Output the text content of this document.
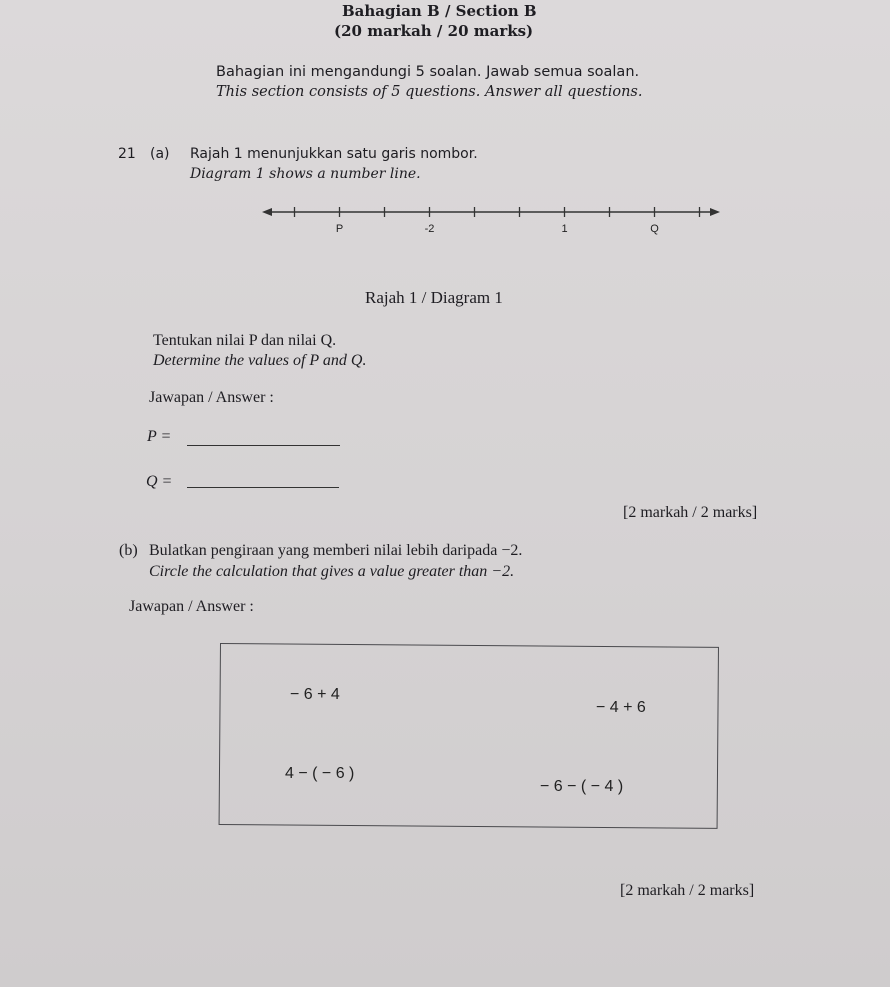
Bahagian B / Section B
(20 markah / 20 marks)
Bahagian ini mengandungi 5 soalan. Jawab semua soalan.
This section consists of 5 questions. Answer all questions.
21 (a) Rajah 1 menunjukkan satu garis nombor.
Diagram 1 shows a number line.
P	-2	1	Q
Rajah 1 / Diagram 1
Tentukan nilai P dan nilai Q.
Determine the values of P and Q.
Jawapan / Answer :
P =
Q =
[2 markah / 2 marks]
(b) Bulatkan pengiraan yang memberi nilai lebih daripada −2.
Circle the calculation that gives a value greater than −2.
Jawapan / Answer :
− 6 + 4
− 4 + 6
4 − ( − 6 )
− 6 − ( − 4 )
[2 markah / 2 marks]
